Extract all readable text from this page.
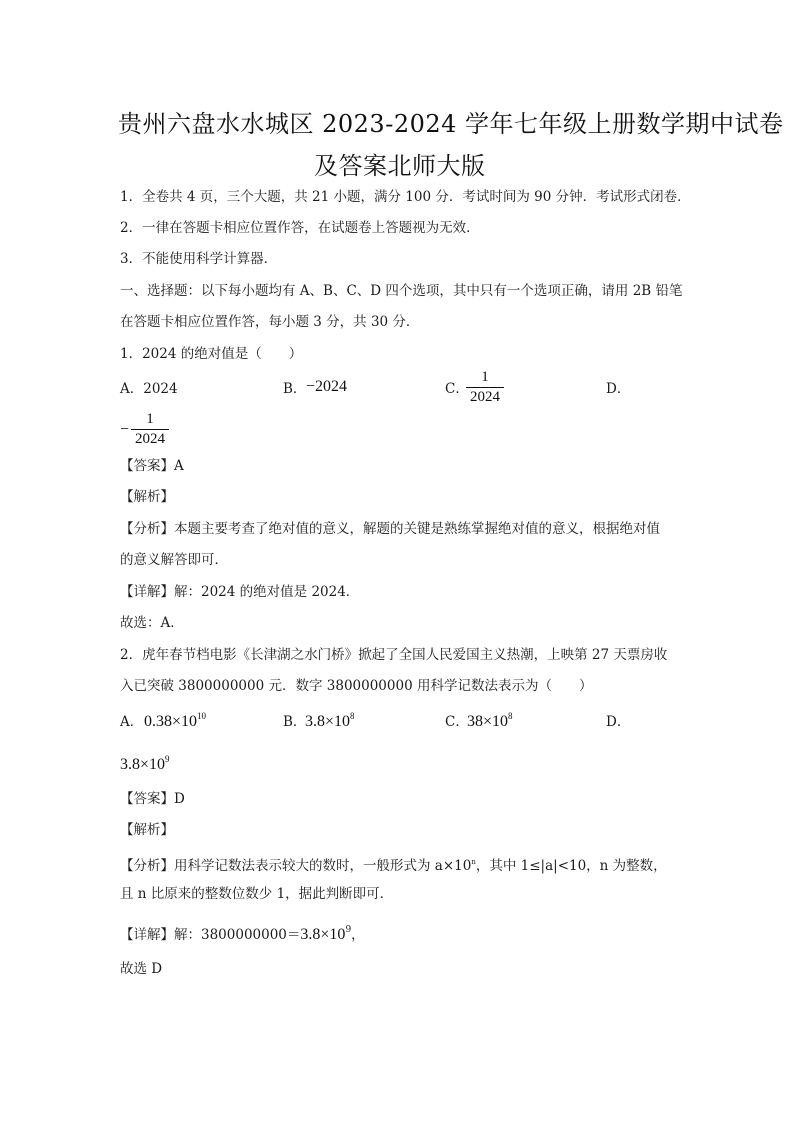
贵州六盘水水城区 2023-2024 学年七年级上册数学期中试卷
及答案北师大版
1．全卷共 4 页，三个大题，共 21 小题，满分 100 分．考试时间为 90 分钟．考试形式闭卷．
2．一律在答题卡相应位置作答，在试题卷上答题视为无效．
3．不能使用科学计算器．
一、选择题：以下每小题均有 A、B、C、D 四个选项，其中只有一个选项正确，请用 2B 铅笔
在答题卡相应位置作答，每小题 3 分，共 30 分．
1．2024 的绝对值是（　　）
A．2024	B． −2024	C．
1
2024	D．
−
1
2024
【答案】A
【解析】
【分析】本题主要考查了绝对值的意义，解题的关键是熟练掌握绝对值的意义，根据绝对值
的意义解答即可．
【详解】解：2024 的绝对值是 2024．
故选：A．
2．虎年春节档电影《长津湖之水门桥》掀起了全国人民爱国主义热潮，上映第 27 天票房收
入已突破 3800000000 元．数字 3800000000 用科学记数法表示为（　　）
A． $0.38\times 10^{10}$	B．
$3.8\times 10^8$	C．
$38\times 10^8$	D．
$3.8\times 10^9$
【答案】D
【解析】
【分析】用科学记数法表示较大的数时，一般形式为 $a\times 10^n$，其中 1≤|a|<10，n 为整数，
且 n 比原来的整数位数少 1，据此判断即可．
【详解】解：$3800000000=3.8\times 10^9$，
故选 D
